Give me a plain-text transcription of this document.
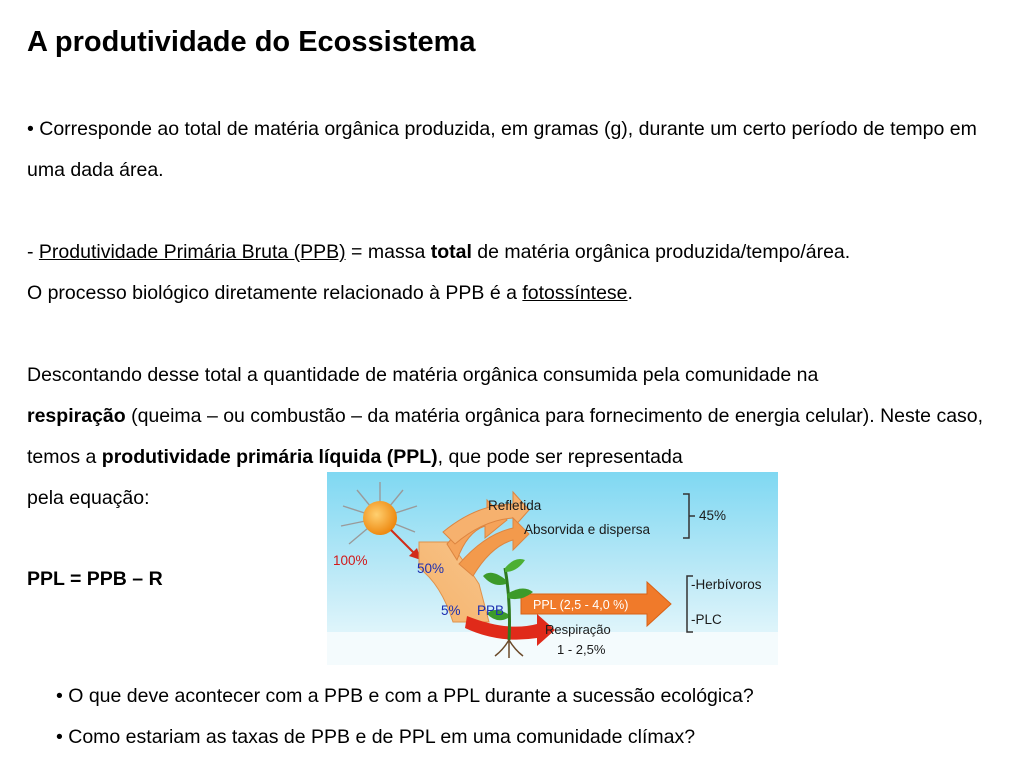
A produtividade do Ecossistema

• Corresponde ao total de matéria orgânica produzida, em gramas (g), durante um certo período de tempo em uma dada área.

- Produtividade Primária Bruta (PPB) = massa total de matéria orgânica produzida/tempo/área.

O processo biológico diretamente relacionado à PPB é a fotossíntese.

Descontando desse total a quantidade de matéria orgânica consumida pela comunidade na
respiração (queima – ou combustão – da matéria orgânica para fornecimento de energia celular). Neste caso, temos a produtividade primária líquida (PPL), que pode ser representada
pela equação:

PPL = PPB – R

Refletida
Absorvida e dispersa
45%
100%
50%
5% PPB PPL (2,5 - 4,0 %)
-Herbívoros
-PLC
Respiração
1 - 2,5%

• O que deve acontecer com a PPB e com a PPL durante a sucessão ecológica?

• Como estariam as taxas de PPB e de PPL em uma comunidade clímax?
